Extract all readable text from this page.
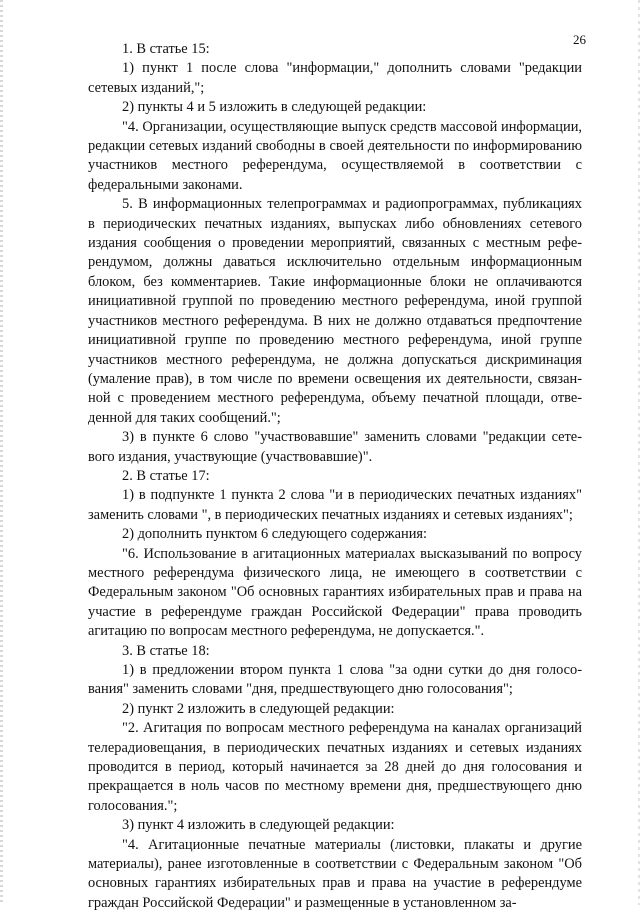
26

1. В статье 15:

1) пункт 1 после слова "информации," дополнить словами "редакции сетевых изданий,";

2) пункты 4 и 5 изложить в следующей редакции:

"4. Организации, осуществляющие выпуск средств массовой информации, редакции сетевых изданий свободны в своей деятельности по информированию участников местного референдума, осуществляемой в соответствии с федеральными законами.

5. В информационных телепрограммах и радиопрограммах, публикациях в периодических печатных изданиях, выпусках либо обновлениях сетевого издания сообщения о проведении мероприятий, связанных с местным референдумом, должны даваться исключительно отдельным информационным блоком, без комментариев. Такие информационные блоки не оплачиваются инициативной группой по проведению местного референдума, иной группой участников местного референдума. В них не должно отдаваться предпочтение инициативной группе по проведению местного референдума, иной группе участников местного референдума, не должна допускаться дискриминация (умаление прав), в том числе по времени освещения их деятельности, связанной с проведением местного референдума, объему печатной площади, отведенной для таких сообщений.";

3) в пункте 6 слово "участвовавшие" заменить словами "редакции сетевого издания, участвующие (участвовавшие)".

2. В статье 17:

1) в подпункте 1 пункта 2 слова "и в периодических печатных изданиях" заменить словами ", в периодических печатных изданиях и сетевых изданиях";

2) дополнить пунктом 6 следующего содержания:

"6. Использование в агитационных материалах высказываний по вопросу местного референдума физического лица, не имеющего в соответствии с Федеральным законом "Об основных гарантиях избирательных прав и права на участие в референдуме граждан Российской Федерации" права проводить агитацию по вопросам местного референдума, не допускается.".

3. В статье 18:

1) в предложении втором пункта 1 слова "за одни сутки до дня голосования" заменить словами "дня, предшествующего дню голосования";

2) пункт 2 изложить в следующей редакции:

"2. Агитация по вопросам местного референдума на каналах организаций телерадиовещания, в периодических печатных изданиях и сетевых изданиях проводится в период, который начинается за 28 дней до дня голосования и прекращается в ноль часов по местному времени дня, предшествующего дню голосования.";

3) пункт 4 изложить в следующей редакции:

"4. Агитационные печатные материалы (листовки, плакаты и другие материалы), ранее изготовленные в соответствии с Федеральным законом "Об основных гарантиях избирательных прав и права на участие в референдуме граждан Российской Федерации" и размещенные в установленном за-
